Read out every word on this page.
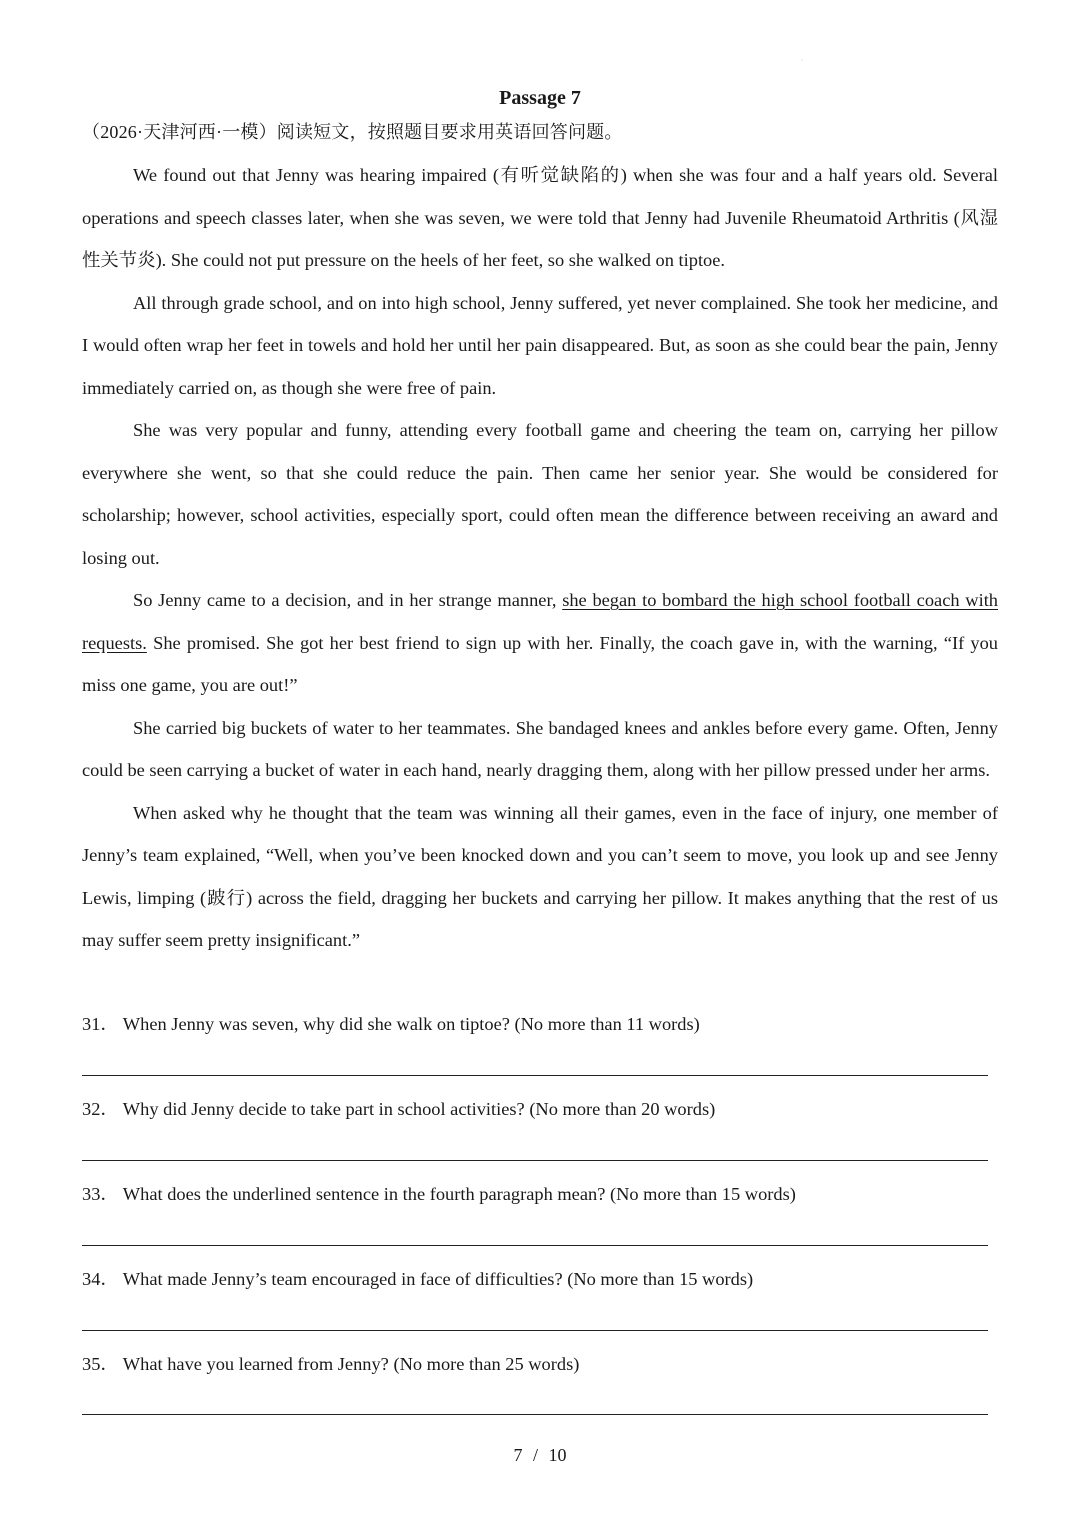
·
Passage 7
（2026·天津河西·一模）阅读短文，按照题目要求用英语回答问题。

We found out that Jenny was hearing impaired (有听觉缺陷的) when she was four and a half years old. Several operations and speech classes later, when she was seven, we were told that Jenny had Juvenile Rheumatoid Arthritis (风湿性关节炎). She could not put pressure on the heels of her feet, so she walked on tiptoe.

All through grade school, and on into high school, Jenny suffered, yet never complained. She took her medicine, and I would often wrap her feet in towels and hold her until her pain disappeared. But, as soon as she could bear the pain, Jenny immediately carried on, as though she were free of pain.

She was very popular and funny, attending every football game and cheering the team on, carrying her pillow everywhere she went, so that she could reduce the pain. Then came her senior year. She would be considered for scholarship; however, school activities, especially sport, could often mean the difference between receiving an award and losing out.

So Jenny came to a decision, and in her strange manner, she began to bombard the high school football coach with requests. She promised. She got her best friend to sign up with her. Finally, the coach gave in, with the warning, “If you miss one game, you are out!”

She carried big buckets of water to her teammates. She bandaged knees and ankles before every game. Often, Jenny could be seen carrying a bucket of water in each hand, nearly dragging them, along with her pillow pressed under her arms.

When asked why he thought that the team was winning all their games, even in the face of injury, one member of Jenny’s team explained, “Well, when you’ve been knocked down and you can’t seem to move, you look up and see Jenny Lewis, limping (跛行) across the field, dragging her buckets and carrying her pillow. It makes anything that the rest of us may suffer seem pretty insignificant.”

31． When Jenny was seven, why did she walk on tiptoe? (No more than 11 words)
32． Why did Jenny decide to take part in school activities? (No more than 20 words)
33． What does the underlined sentence in the fourth paragraph mean? (No more than 15 words)
34． What made Jenny’s team encouraged in face of difficulties? (No more than 15 words)
35． What have you learned from Jenny? (No more than 25 words)
7 / 10
